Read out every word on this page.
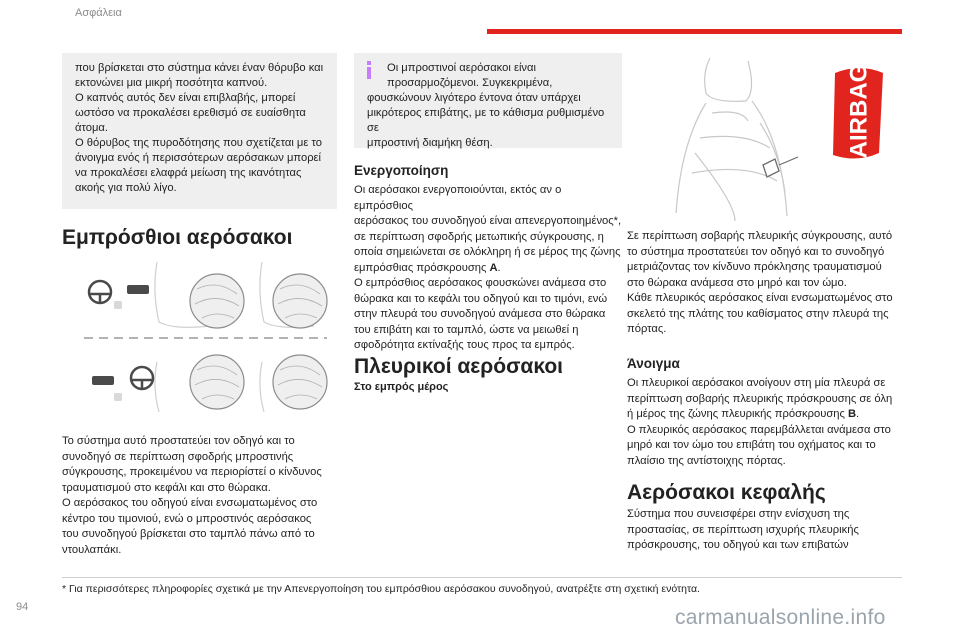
Ασφάλεια

που βρίσκεται στο σύστημα κάνει έναν θόρυβο και

εκτονώνει μια μικρή ποσότητα καπνού.

Ο καπνός αυτός δεν είναι επιβλαβής, μπορεί

ωστόσο να προκαλέσει ερεθισμό σε ευαίσθητα

άτομα.

Ο θόρυβος της πυροδότησης που σχετίζεται με το

άνοιγμα ενός ή περισσότερων αερόσακων μπορεί

να προκαλέσει ελαφρά μείωση της ικανότητας

ακοής για πολύ λίγο.

Εμπρόσθιοι αερόσακοι

Το σύστημα αυτό προστατεύει τον οδηγό και το

συνοδηγό σε περίπτωση σφοδρής μπροστινής

σύγκρουσης, προκειμένου να περιορίστεί ο κίνδυνος

τραυματισμού στο κεφάλι και στο θώρακα.

Ο αερόσακος του οδηγού είναι ενσωματωμένος στο

κέντρο του τιμονιού, ενώ ο μπροστινός αερόσακος

του συνοδηγού βρίσκεται στο ταμπλό πάνω από το

ντουλαπάκι.

Οι μπροστινοί αερόσακοι είναι

προσαρμοζόμενοι. Συγκεκριμένα,

φουσκώνουν λιγότερο έντονα όταν υπάρχει

μικρότερος επιβάτης, με το κάθισμα ρυθμισμένο σε

μπροστινή διαμήκη θέση.

Ενεργοποίηση

Οι αερόσακοι ενεργοποιούνται, εκτός αν ο εμπρόσθιος

αερόσακος του συνοδηγού είναι απενεργοποιημένος*,

σε περίπτωση σφοδρής μετωπικής σύγκρουσης, η

οποία σημειώνεται σε ολόκληρη ή σε μέρος της ζώνης

εμπρόσθιας πρόσκρουσης A.

Ο εμπρόσθιος αερόσακος φουσκώνει ανάμεσα στο

θώρακα και το κεφάλι του οδηγού και το τιμόνι, ενώ

στην πλευρά του συνοδηγού ανάμεσα στο θώρακα

του επιβάτη και το ταμπλό, ώστε να μειωθεί η

σφοδρότητα εκτίναξής τους προς τα εμπρός.

Πλευρικοί αερόσακοι
Στο εμπρός μέρος
AIRBAG

Σε περίπτωση σοβαρής πλευρικής σύγκρουσης, αυτό

το σύστημα προστατεύει τον οδηγό και το συνοδηγό

μετριάζοντας τον κίνδυνο πρόκλησης τραυματισμού

στο θώρακα ανάμεσα στο μηρό και τον ώμο.

Κάθε πλευρικός αερόσακος είναι ενσωματωμένος στο

σκελετό της πλάτης του καθίσματος στην πλευρά της

πόρτας.

Άνοιγμα

Οι πλευρικοί αερόσακοι ανοίγουν στη μία πλευρά σε

περίπτωση σοβαρής πλευρικής πρόσκρουσης σε όλη

ή μέρος της ζώνης πλευρικής πρόσκρουσης B.

Ο πλευρικός αερόσακος παρεμβάλλεται ανάμεσα στο

μηρό και τον ώμο του επιβάτη του οχήματος και το

πλαίσιο της αντίστοιχης πόρτας.

Αερόσακοι κεφαλής

Σύστημα που συνεισφέρει στην ενίσχυση της

προστασίας, σε περίπτωση ισχυρής πλευρικής

πρόσκρουσης, του οδηγού και των επιβατών

* Για περισσότερες πληροφορίες σχετικά με την Απενεργοποίηση του εμπρόσθιου αερόσακου συνοδηγού, ανατρέξτε στη σχετική ενότητα.
94	carmanualsonline.info
